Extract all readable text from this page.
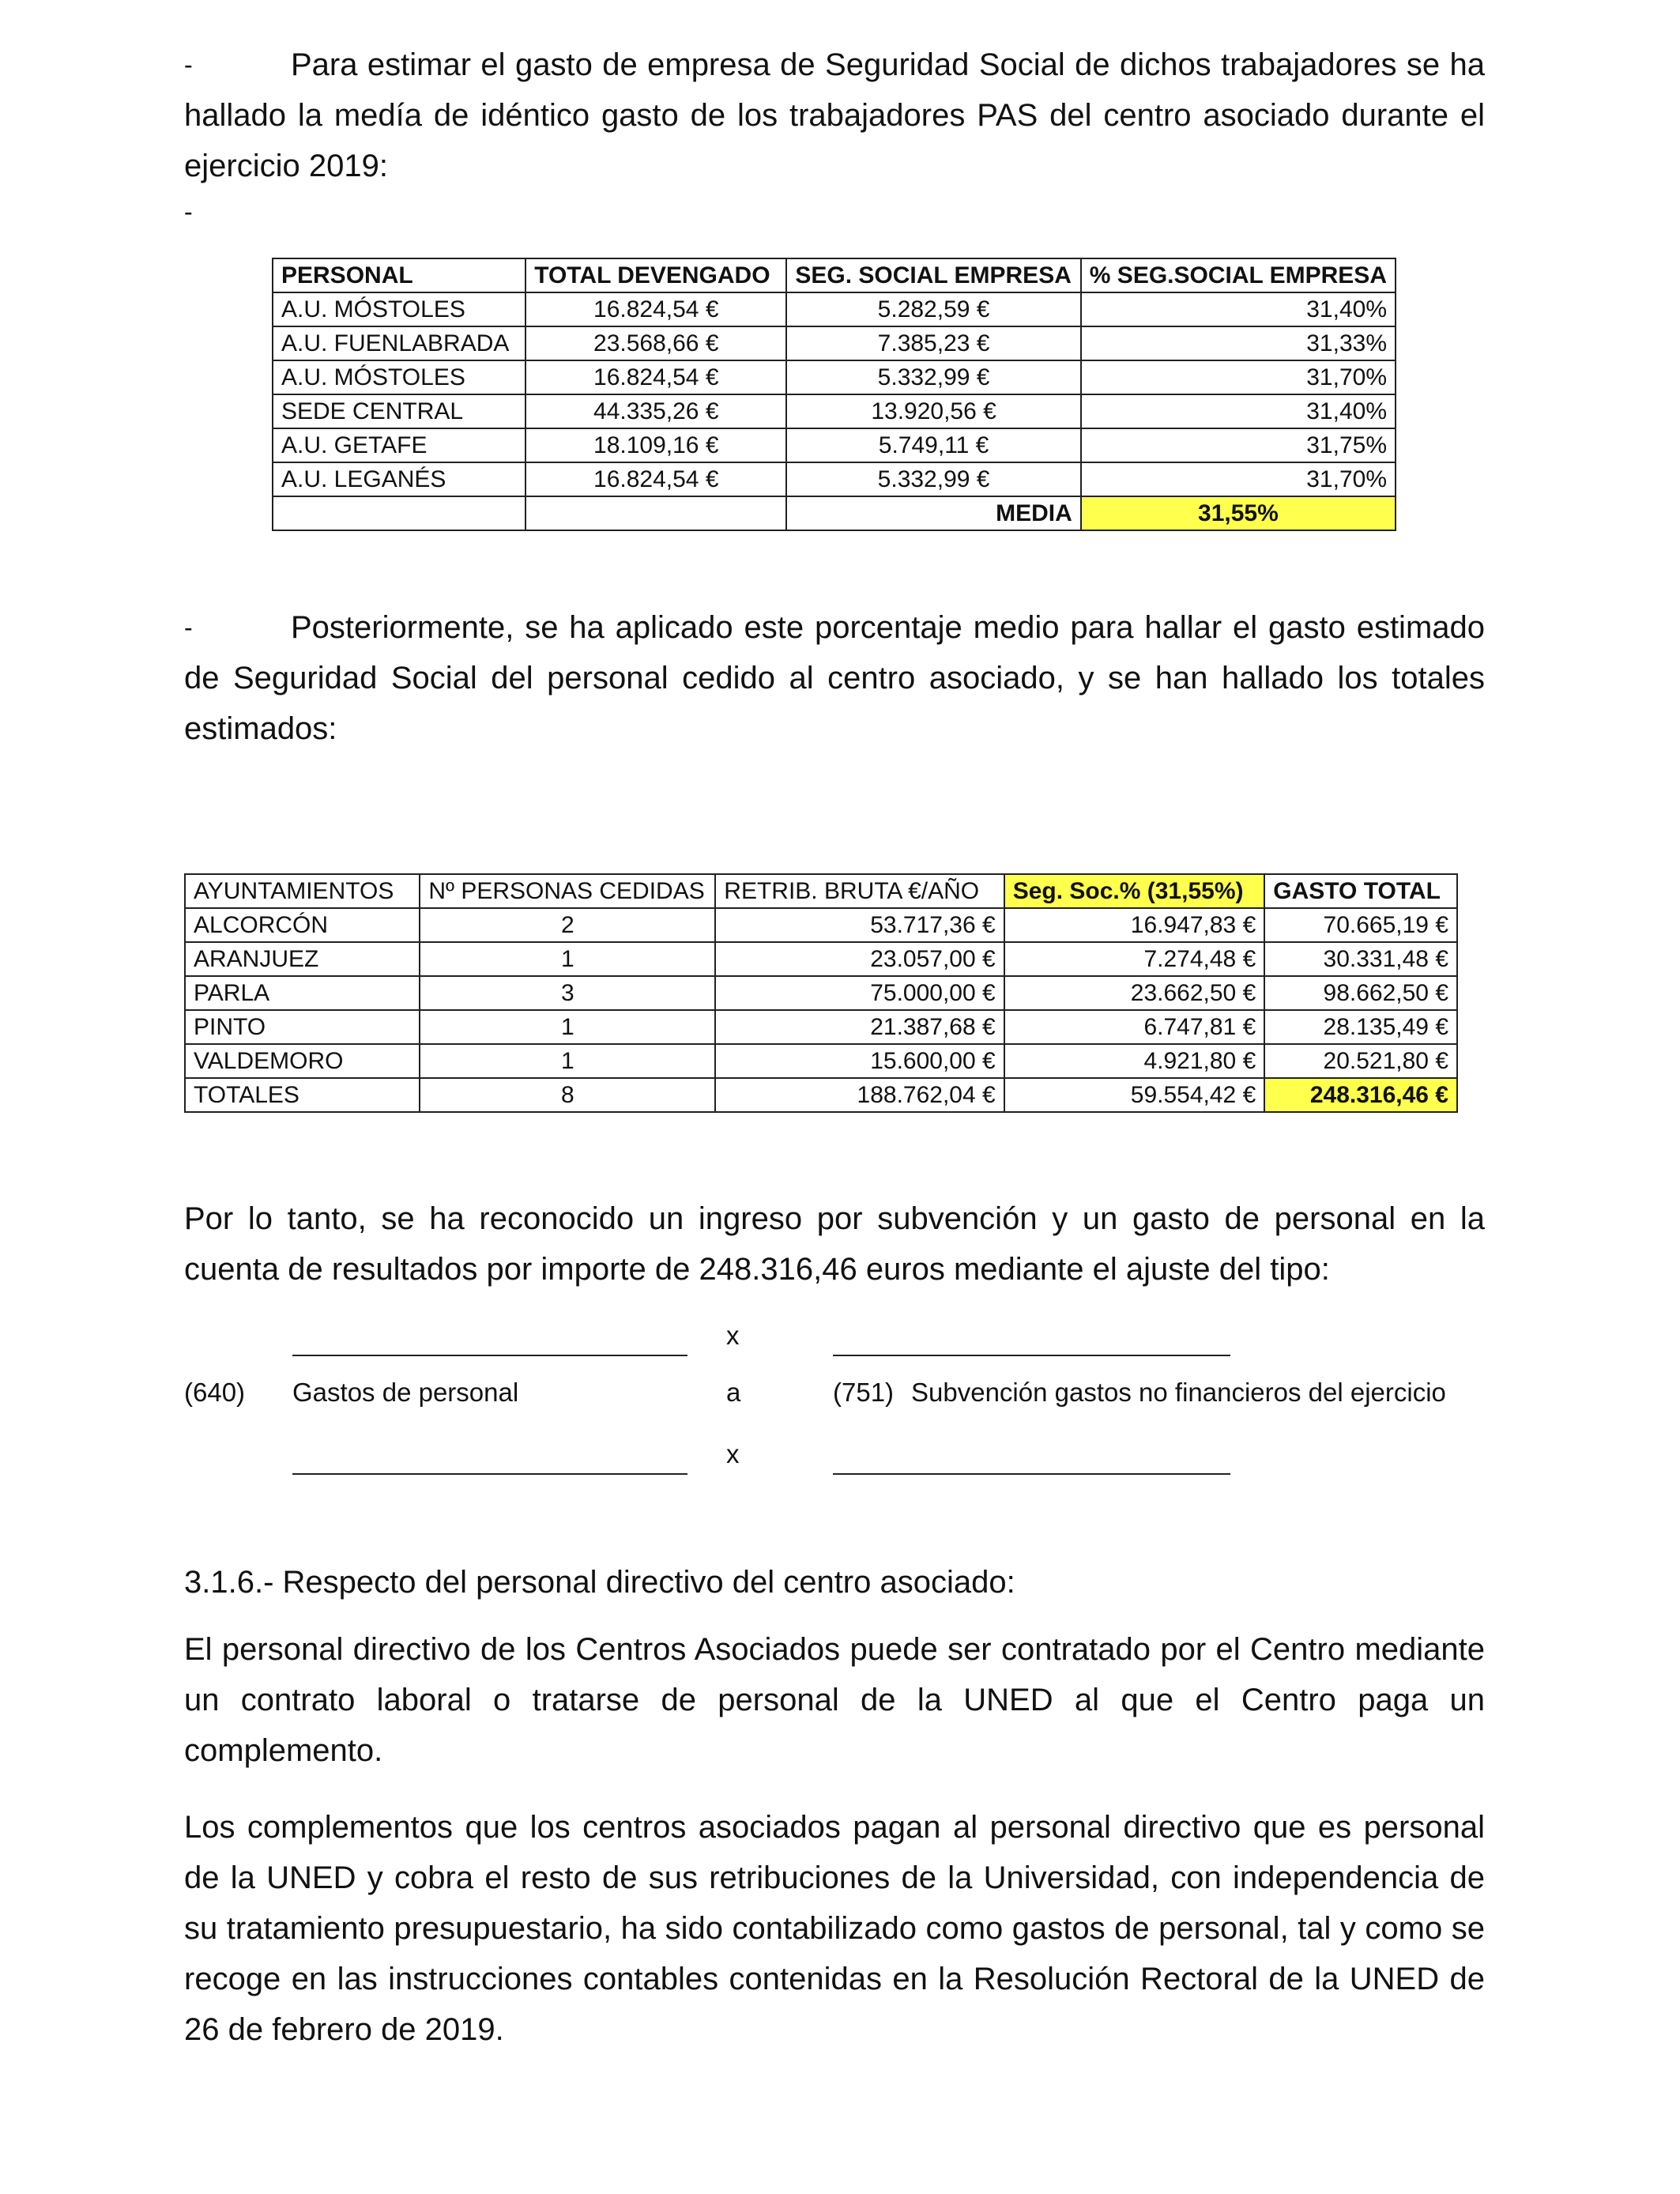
-	Para estimar el gasto de empresa de Seguridad Social de dichos trabajadores se ha hallado la medía de idéntico gasto de los trabajadores PAS del centro asociado durante el ejercicio 2019:

-
PERSONAL	TOTAL DEVENGADO	SEG. SOCIAL EMPRESA	% SEG.SOCIAL EMPRESA
A.U. MÓSTOLES	16.824,54 €	5.282,59 €	31,40%
A.U. FUENLABRADA	23.568,66 €	7.385,23 €	31,33%
A.U. MÓSTOLES	16.824,54 €	5.332,99 €	31,70%
SEDE CENTRAL	44.335,26 €	13.920,56 €	31,40%
A.U. GETAFE	18.109,16 €	5.749,11 €	31,75%
A.U. LEGANÉS	16.824,54 €	5.332,99 €	31,70%
		MEDIA	31,55%

-	Posteriormente, se ha aplicado este porcentaje medio para hallar el gasto estimado de Seguridad Social del personal cedido al centro asociado, y se han hallado los totales estimados:

AYUNTAMIENTOS	Nº PERSONAS CEDIDAS	RETRIB. BRUTA €/AÑO	Seg. Soc.% (31,55%)	GASTO TOTAL
ALCORCÓN	2	53.717,36 €	16.947,83 €	70.665,19 €
ARANJUEZ	1	23.057,00 €	7.274,48 €	30.331,48 €
PARLA	3	75.000,00 €	23.662,50 €	98.662,50 €
PINTO	1	21.387,68 €	6.747,81 €	28.135,49 €
VALDEMORO	1	15.600,00 €	4.921,80 €	20.521,80 €
TOTALES	8	188.762,04 €	59.554,42 €	248.316,46 €

Por lo tanto, se ha reconocido un ingreso por subvención y un gasto de personal en la cuenta de resultados por importe de 248.316,46 euros mediante el ajuste del tipo:

x
(640) Gastos de personal	a	(751) Subvención gastos no financieros del ejercicio
x

3.1.6.- Respecto del personal directivo del centro asociado:

El personal directivo de los Centros Asociados puede ser contratado por el Centro mediante un contrato laboral o tratarse de personal de la UNED al que el Centro paga un complemento.

Los complementos que los centros asociados pagan al personal directivo que es personal de la UNED y cobra el resto de sus retribuciones de la Universidad, con independencia de su tratamiento presupuestario, ha sido contabilizado como gastos de personal, tal y como se recoge en las instrucciones contables contenidas en la Resolución Rectoral de la UNED de 26 de febrero de 2019.
